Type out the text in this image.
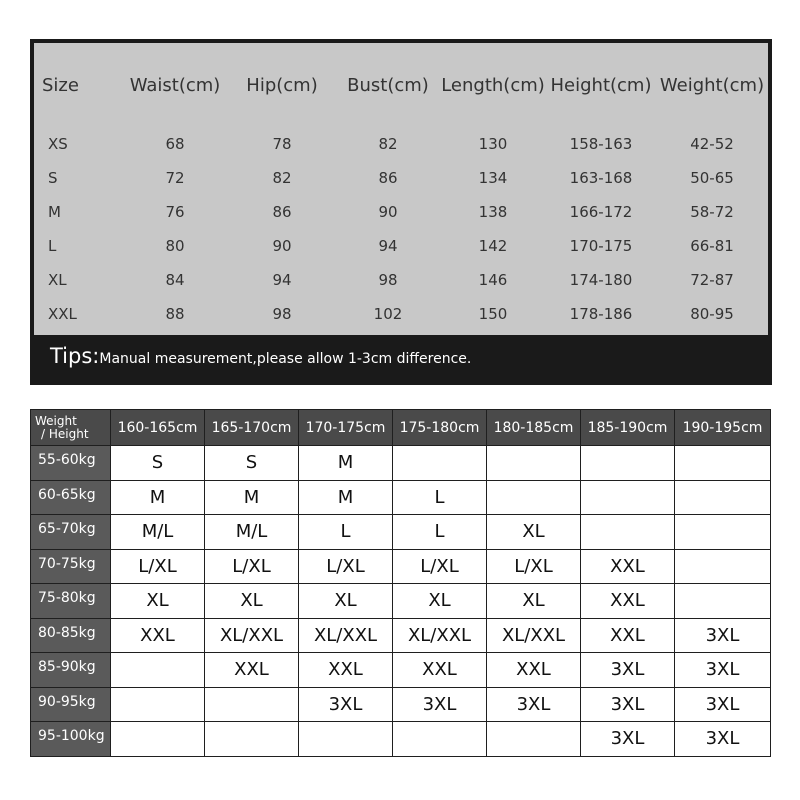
Size	Waist(cm)	Hip(cm)	Bust(cm)	Length(cm)	Height(cm)	Weight(cm)
XS	68	78	82	130	158-163	42-52
S	72	82	86	134	163-168	50-65
M	76	86	90	138	166-172	58-72
L	80	90	94	142	170-175	66-81
XL	84	94	98	146	174-180	72-87
XXL	88	98	102	150	178-186	80-95
Tips:Manual measurement,please allow 1-3cm difference.
Weight
/ Height	160-165cm	165-170cm	170-175cm	175-180cm	180-185cm	185-190cm	190-195cm
55-60kg	S	S	M				
60-65kg	M	M	M	L			
65-70kg	M/L	M/L	L	L	XL		
70-75kg	L/XL	L/XL	L/XL	L/XL	L/XL	XXL	
75-80kg	XL	XL	XL	XL	XL	XXL	
80-85kg	XXL	XL/XXL	XL/XXL	XL/XXL	XL/XXL	XXL	3XL
85-90kg		XXL	XXL	XXL	XXL	3XL	3XL
90-95kg			3XL	3XL	3XL	3XL	3XL
95-100kg						3XL	3XL
